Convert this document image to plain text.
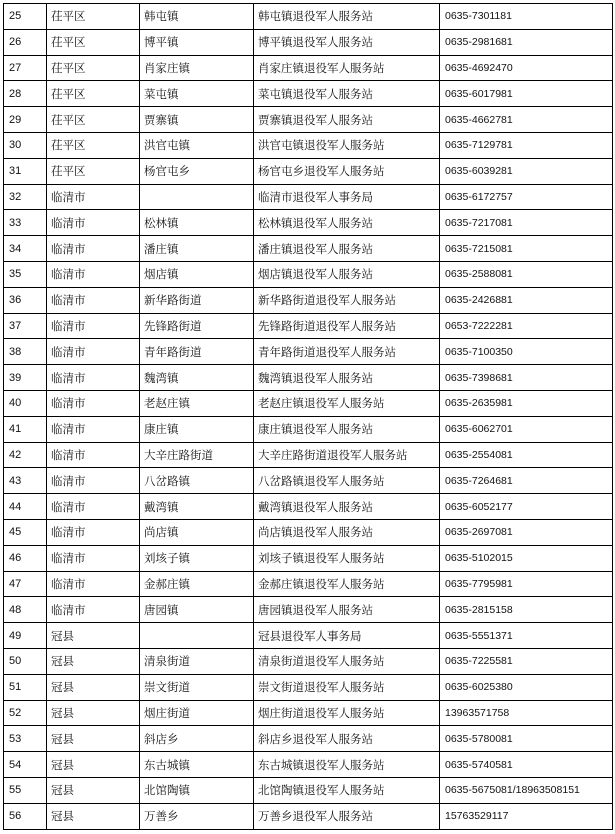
25	茌平区	韩屯镇	韩屯镇退役军人服务站	0635-7301181
26	茌平区	博平镇	博平镇退役军人服务站	0635-2981681
27	茌平区	肖家庄镇	肖家庄镇退役军人服务站	0635-4692470
28	茌平区	菜屯镇	菜屯镇退役军人服务站	0635-6017981
29	茌平区	贾寨镇	贾寨镇退役军人服务站	0635-4662781
30	茌平区	洪官屯镇	洪官屯镇退役军人服务站	0635-7129781
31	茌平区	杨官屯乡	杨官屯乡退役军人服务站	0635-6039281
32	临清市		临清市退役军人事务局	0635-6172757
33	临清市	松林镇	松林镇退役军人服务站	0635-7217081
34	临清市	潘庄镇	潘庄镇退役军人服务站	0635-7215081
35	临清市	烟店镇	烟店镇退役军人服务站	0635-2588081
36	临清市	新华路街道	新华路街道退役军人服务站	0635-2426881
37	临清市	先锋路街道	先锋路街道退役军人服务站	0653-7222281
38	临清市	青年路街道	青年路街道退役军人服务站	0635-7100350
39	临清市	魏湾镇	魏湾镇退役军人服务站	0635-7398681
40	临清市	老赵庄镇	老赵庄镇退役军人服务站	0635-2635981
41	临清市	康庄镇	康庄镇退役军人服务站	0635-6062701
42	临清市	大辛庄路街道	大辛庄路街道退役军人服务站	0635-2554081
43	临清市	八岔路镇	八岔路镇退役军人服务站	0635-7264681
44	临清市	戴湾镇	戴湾镇退役军人服务站	0635-6052177
45	临清市	尚店镇	尚店镇退役军人服务站	0635-2697081
46	临清市	刘垓子镇	刘垓子镇退役军人服务站	0635-5102015
47	临清市	金郝庄镇	金郝庄镇退役军人服务站	0635-7795981
48	临清市	唐园镇	唐园镇退役军人服务站	0635-2815158
49	冠县		冠县退役军人事务局	0635-5551371
50	冠县	清泉街道	清泉街道退役军人服务站	0635-7225581
51	冠县	崇文街道	崇文街道退役军人服务站	0635-6025380
52	冠县	烟庄街道	烟庄街道退役军人服务站	13963571758
53	冠县	斜店乡	斜店乡退役军人服务站	0635-5780081
54	冠县	东古城镇	东古城镇退役军人服务站	0635-5740581
55	冠县	北馆陶镇	北馆陶镇退役军人服务站	0635-5675081/18963508151
56	冠县	万善乡	万善乡退役军人服务站	15763529117
